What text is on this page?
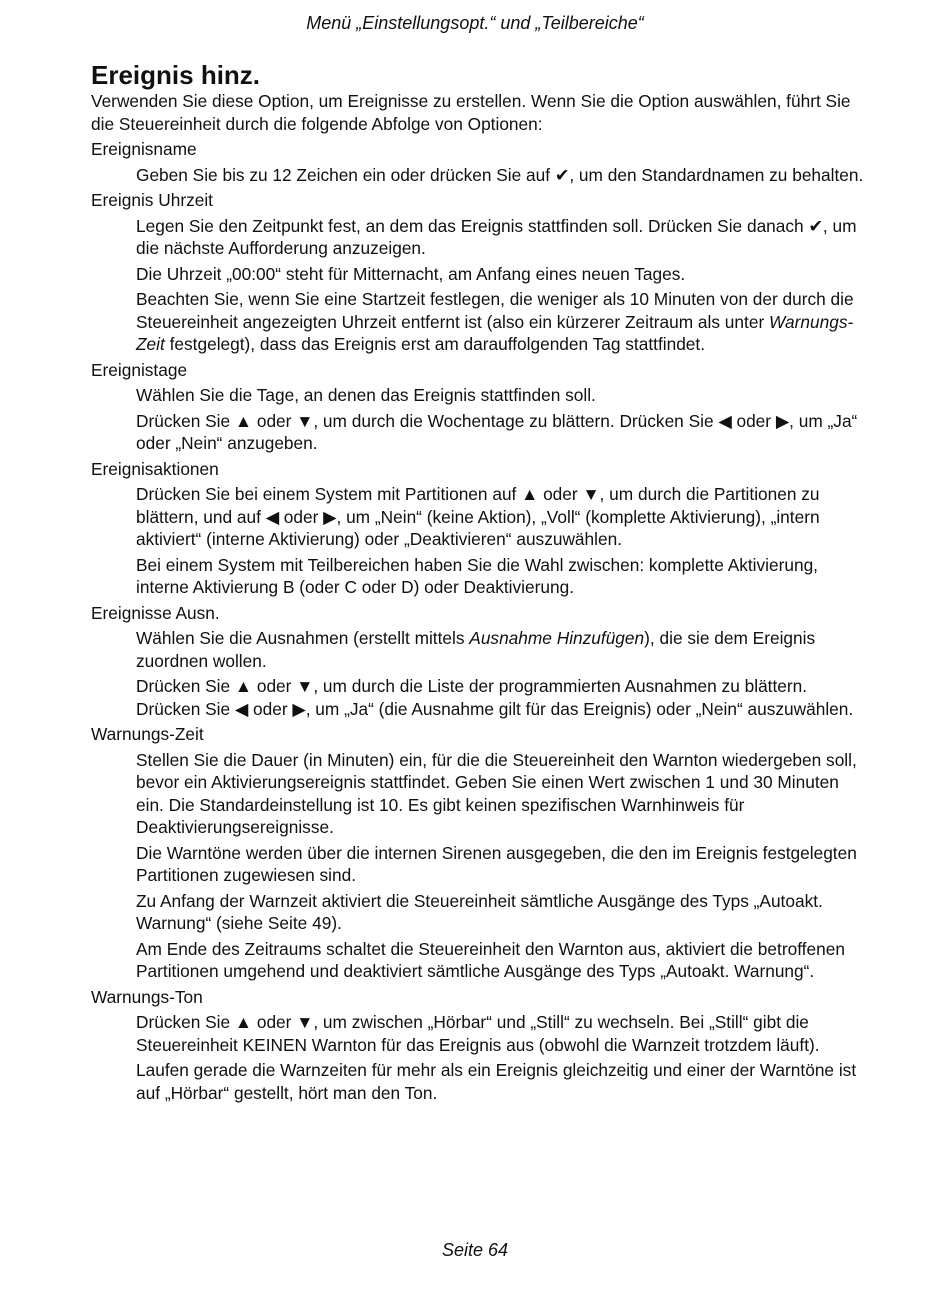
Menü „Einstellungsopt.“ und „Teilbereiche“
Ereignis hinz.

Verwenden Sie diese Option, um Ereignisse zu erstellen. Wenn Sie die Option auswählen, führt Sie die Steuereinheit durch die folgende Abfolge von Optionen:

Ereignisname

Geben Sie bis zu 12 Zeichen ein oder drücken Sie auf ✔, um den Standardnamen zu behalten.

Ereignis Uhrzeit

Legen Sie den Zeitpunkt fest, an dem das Ereignis stattfinden soll. Drücken Sie danach ✔, um die nächste Aufforderung anzuzeigen.

Die Uhrzeit „00:00“ steht für Mitternacht, am Anfang eines neuen Tages.

Beachten Sie, wenn Sie eine Startzeit festlegen, die weniger als 10 Minuten von der durch die Steuereinheit angezeigten Uhrzeit entfernt ist (also ein kürzerer Zeitraum als unter Warnungs-Zeit festgelegt), dass das Ereignis erst am darauffolgenden Tag stattfindet.

Ereignistage

Wählen Sie die Tage, an denen das Ereignis stattfinden soll.

Drücken Sie ▲ oder ▼, um durch die Wochentage zu blättern. Drücken Sie ◀ oder ▶, um „Ja“ oder „Nein“ anzugeben.

Ereignisaktionen

Drücken Sie bei einem System mit Partitionen auf ▲ oder ▼, um durch die Partitionen zu blättern, und auf ◀ oder ▶, um „Nein“ (keine Aktion), „Voll“ (komplette Aktivierung), „intern aktiviert“ (interne Aktivierung) oder „Deaktivieren“ auszuwählen.

Bei einem System mit Teilbereichen haben Sie die Wahl zwischen: komplette Aktivierung, interne Aktivierung B (oder C oder D) oder Deaktivierung.

Ereignisse Ausn.

Wählen Sie die Ausnahmen (erstellt mittels Ausnahme Hinzufügen), die sie dem Ereignis zuordnen wollen.

Drücken Sie ▲ oder ▼, um durch die Liste der programmierten Ausnahmen zu blättern. Drücken Sie ◀ oder ▶, um „Ja“ (die Ausnahme gilt für das Ereignis) oder „Nein“ auszuwählen.

Warnungs-Zeit

Stellen Sie die Dauer (in Minuten) ein, für die die Steuereinheit den Warnton wiedergeben soll, bevor ein Aktivierungsereignis stattfindet. Geben Sie einen Wert zwischen 1 und 30 Minuten ein. Die Standardeinstellung ist 10. Es gibt keinen spezifischen Warnhinweis für Deaktivierungsereignisse.

Die Warntöne werden über die internen Sirenen ausgegeben, die den im Ereignis festgelegten Partitionen zugewiesen sind.

Zu Anfang der Warnzeit aktiviert die Steuereinheit sämtliche Ausgänge des Typs „Autoakt. Warnung“ (siehe Seite 49).

Am Ende des Zeitraums schaltet die Steuereinheit den Warnton aus, aktiviert die betroffenen Partitionen umgehend und deaktiviert sämtliche Ausgänge des Typs „Autoakt. Warnung“.

Warnungs-Ton

Drücken Sie ▲ oder ▼, um zwischen „Hörbar“ und „Still“ zu wechseln. Bei „Still“ gibt die Steuereinheit KEINEN Warnton für das Ereignis aus (obwohl die Warnzeit trotzdem läuft).

Laufen gerade die Warnzeiten für mehr als ein Ereignis gleichzeitig und einer der Warntöne ist auf „Hörbar“ gestellt, hört man den Ton.

Seite 64
